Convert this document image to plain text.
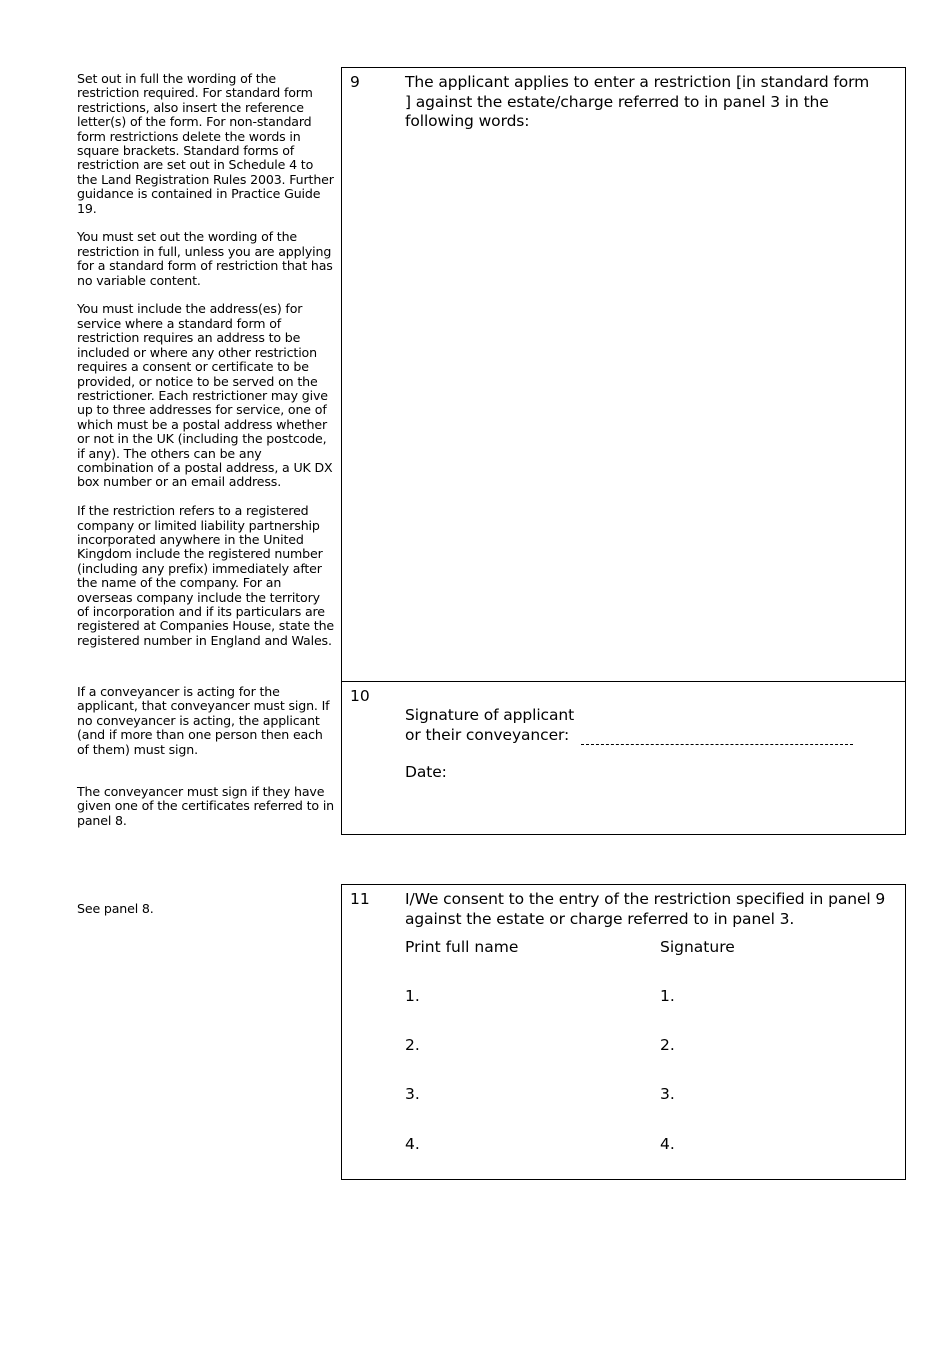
Set out in full the wording of the restriction required. For standard form restrictions, also insert the reference letter(s) of the form. For non-standard form restrictions delete the words in square brackets. Standard forms of restriction are set out in Schedule 4 to the Land Registration Rules 2003. Further guidance is contained in Practice Guide 19.

You must set out the wording of the restriction in full, unless you are applying for a standard form of restriction that has no variable content.

You must include the address(es) for service where a standard form of restriction requires an address to be included or where any other restriction requires a consent or certificate to be provided, or notice to be served on the restrictioner. Each restrictioner may give up to three addresses for service, one of which must be a postal address whether or not in the UK (including the postcode, if any). The others can be any combination of a postal address, a UK DX box number or an email address.

If the restriction refers to a registered company or limited liability partnership incorporated anywhere in the United Kingdom include the registered number (including any prefix) immediately after the name of the company. For an overseas company include the territory of incorporation and if its particulars are registered at Companies House, state the registered number in England and Wales.

If a conveyancer is acting for the applicant, that conveyancer must sign. If no conveyancer is acting, the applicant (and if more than one person then each of them) must sign.

The conveyancer must sign if they have given one of the certificates referred to in panel 8.

See panel 8.

9	The applicant applies to enter a restriction [in standard form                ] against the estate/charge referred to in panel 3 in the following words:
10
Signature of applicant
or their conveyancer:
Date:
11 I/We consent to the entry of the restriction specified in panel 9 against the estate or charge referred to in panel 3.
Print full name	Signature
1.	1.
2.	2.
3.	3.
4.	4.
